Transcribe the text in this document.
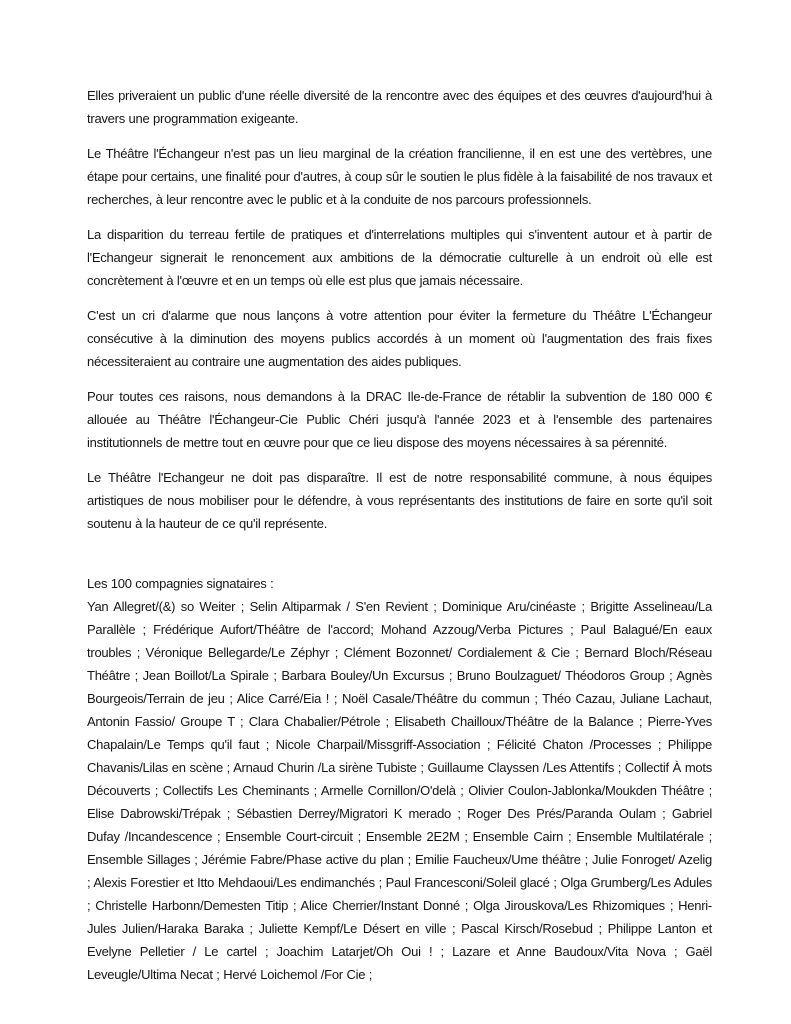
Elles priveraient un public d'une réelle diversité de la rencontre avec des équipes et des œuvres d'aujourd'hui à travers une programmation exigeante.

Le Théâtre l'Échangeur n'est pas un lieu marginal de la création francilienne, il en est une des vertèbres, une étape pour certains, une finalité pour d'autres, à coup sûr le soutien le plus fidèle à la faisabilité de nos travaux et recherches, à leur rencontre avec le public et à la conduite de nos parcours professionnels.

La disparition du terreau fertile de pratiques et d'interrelations multiples qui s'inventent autour et à partir de l'Echangeur signerait le renoncement aux ambitions de la démocratie culturelle à un endroit où elle est concrètement à l'œuvre et en un temps où elle est plus que jamais nécessaire.

C'est un cri d'alarme que nous lançons à votre attention pour éviter la fermeture du Théâtre L'Échangeur consécutive à la diminution des moyens publics accordés à un moment où l'augmentation des frais fixes nécessiteraient au contraire une augmentation des aides publiques.

Pour toutes ces raisons, nous demandons à la DRAC Ile-de-France de rétablir la subvention de 180 000 € allouée au Théâtre l'Échangeur-Cie Public Chéri jusqu'à l'année 2023 et à l'ensemble des partenaires institutionnels de mettre tout en œuvre pour que ce lieu dispose des moyens nécessaires à sa pérennité.

Le Théâtre l'Echangeur ne doit pas disparaître. Il est de notre responsabilité commune, à nous équipes artistiques de nous mobiliser pour le défendre, à vous représentants des institutions de faire en sorte qu'il soit soutenu à la hauteur de ce qu'il représente.

Les 100 compagnies signataires :

Yan Allegret/(&) so Weiter ; Selin Altiparmak / S'en Revient ; Dominique Aru/cinéaste ; Brigitte Asselineau/La Parallèle ; Frédérique Aufort/Théâtre de l'accord; Mohand Azzoug/Verba Pictures ; Paul Balagué/En eaux troubles ; Véronique Bellegarde/Le Zéphyr ; Clément Bozonnet/ Cordialement & Cie ; Bernard Bloch/Réseau Théâtre ; Jean Boillot/La Spirale ; Barbara Bouley/Un Excursus ; Bruno Boulzaguet/ Théodoros Group ; Agnès Bourgeois/Terrain de jeu ; Alice Carré/Eia ! ; Noël Casale/Théâtre du commun ; Théo Cazau, Juliane Lachaut, Antonin Fassio/ Groupe T ; Clara Chabalier/Pétrole ; Elisabeth Chailloux/Théâtre de la Balance ; Pierre-Yves Chapalain/Le Temps qu'il faut ; Nicole Charpail/Missgriff-Association ; Félicité Chaton /Processes ; Philippe Chavanis/Lilas en scène ; Arnaud Churin /La sirène Tubiste ; Guillaume Clayssen /Les Attentifs ; Collectif À mots Découverts ; Collectifs Les Cheminants ; Armelle Cornillon/O'delà ; Olivier Coulon-Jablonka/Moukden Théâtre ; Elise Dabrowski/Trépak ; Sébastien Derrey/Migratori K merado ; Roger Des Prés/Paranda Oulam ; Gabriel Dufay /Incandescence ; Ensemble Court-circuit ; Ensemble 2E2M ; Ensemble Cairn ; Ensemble Multilatérale ; Ensemble Sillages ; Jérémie Fabre/Phase active du plan ; Emilie Faucheux/Ume théâtre ; Julie Fonroget/ Azelig ; Alexis Forestier et Itto Mehdaoui/Les endimanchés ; Paul Francesconi/Soleil glacé ; Olga Grumberg/Les Adules ; Christelle Harbonn/Demesten Titip ; Alice Cherrier/Instant Donné ; Olga Jirouskova/Les Rhizomiques ; Henri-Jules Julien/Haraka Baraka ; Juliette Kempf/Le Désert en ville ; Pascal Kirsch/Rosebud ; Philippe Lanton et Evelyne Pelletier / Le cartel ; Joachim Latarjet/Oh Oui ! ; Lazare et Anne Baudoux/Vita Nova ; Gaël Leveugle/Ultima Necat ; Hervé Loichemol /For Cie ;
